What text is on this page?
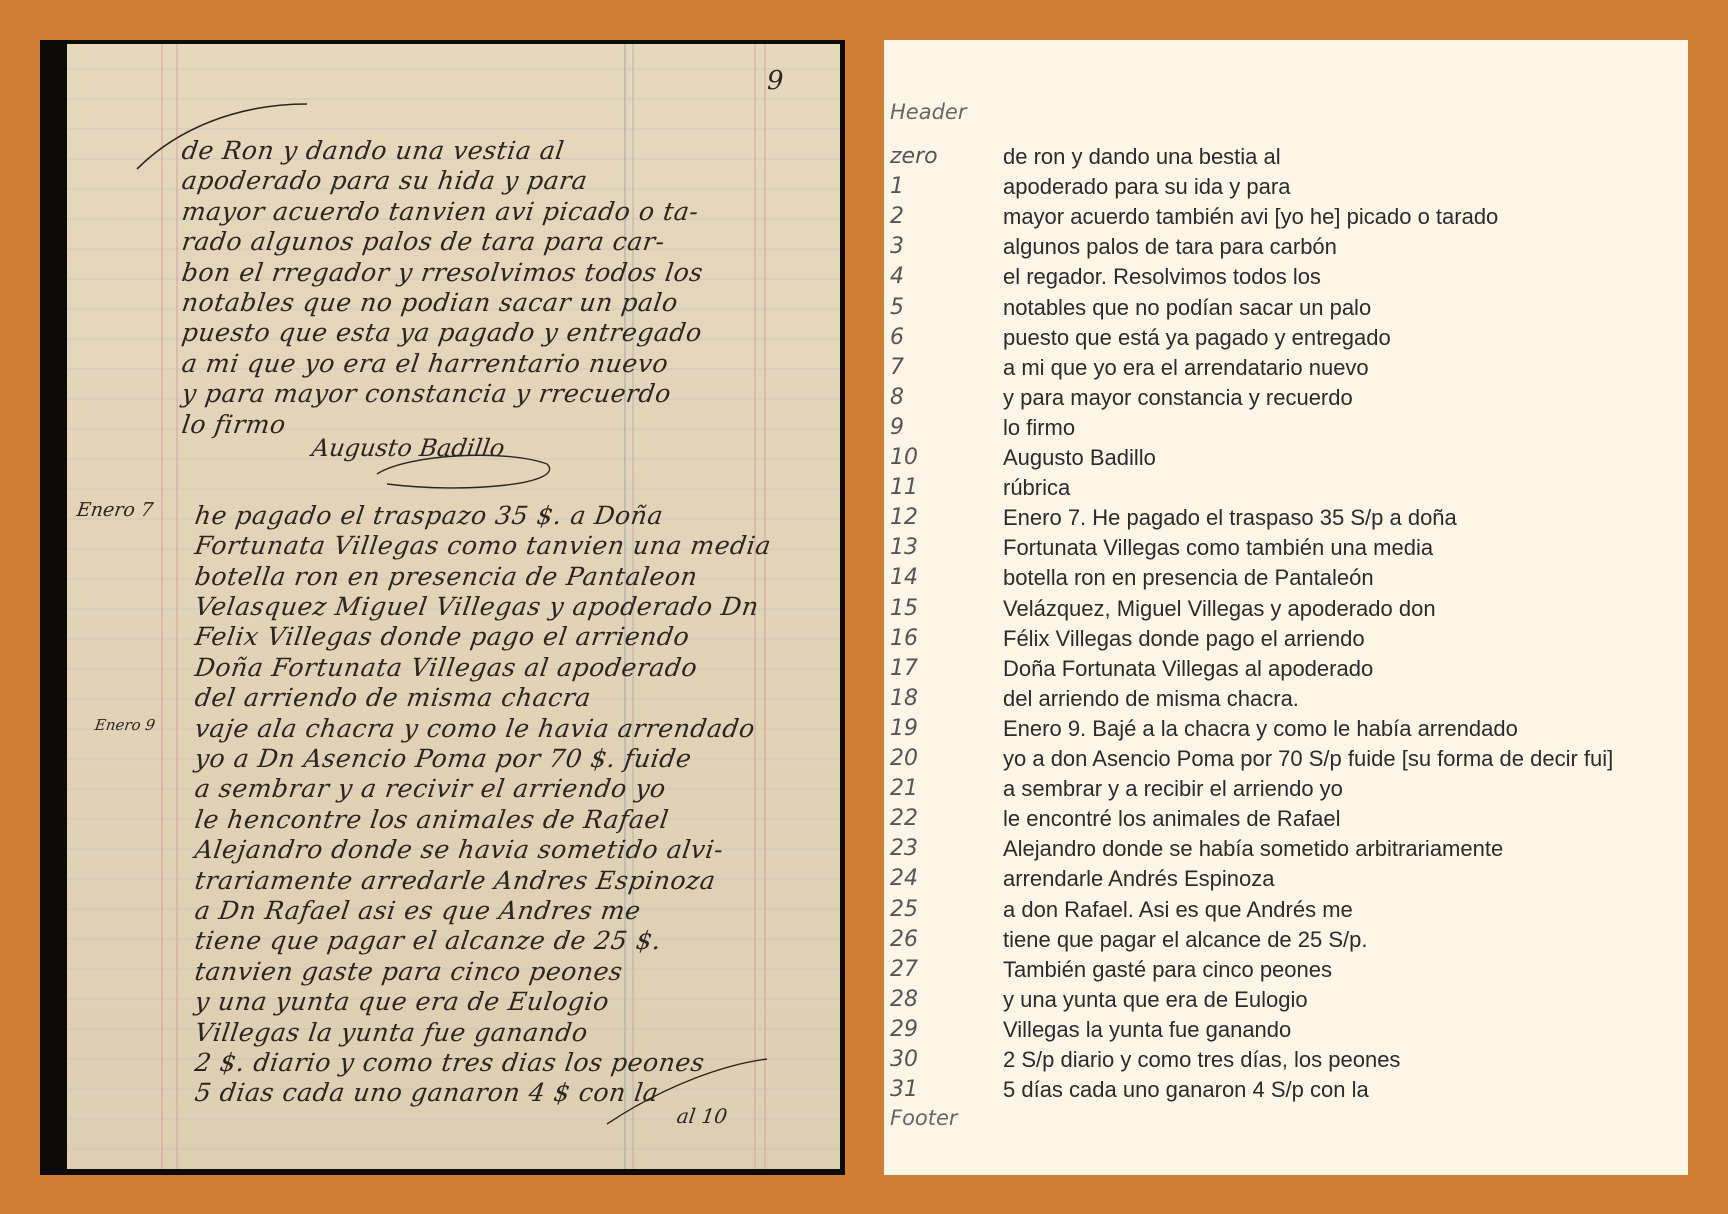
9
de Ron y dando una vestia al
apoderado para su hida y para
mayor acuerdo tanvien avi picado o ta-
rado algunos palos de tara para car-
bon el rregador y rresolvimos todos los
notables que no podian sacar un palo
puesto que esta ya pagado y entregado
a mi que yo era el harrentario nuevo
y para mayor constancia y rrecuerdo
lo firmo
he pagado el traspazo 35 $. a Doña
Fortunata Villegas como tanvien una media
botella ron en presencia de Pantaleon
Velasquez Miguel Villegas y apoderado Dn
Felix Villegas donde pago el arriendo
Doña Fortunata Villegas al apoderado
del arriendo de misma chacra
vaje ala chacra y como le havia arrendado
yo a Dn Asencio Poma por 70 $. fuide
a sembrar y a recivir el arriendo yo
le hencontre los animales de Rafael
Alejandro donde se havia sometido alvi-
trariamente arredarle Andres Espinoza
a Dn Rafael asi es que Andres me
tiene que pagar el alcanze de 25 $.
tanvien gaste para cinco peones
y una yunta que era de Eulogio
Villegas la yunta fue ganando
2 $. diario y como tres dias los peones
5 dias cada uno ganaron 4 $ con la
Augusto Badillo
Enero 7
Enero 9
al 10
Header
zero	de ron y dando una bestia al
1	apoderado para su ida y para
2	mayor acuerdo también avi [yo he] picado o tarado
3	algunos palos de tara para carbón
4	el regador. Resolvimos todos los
5	notables que no podían sacar un palo
6	puesto que está ya pagado y entregado
7	a mi que yo era el arrendatario nuevo
8	y para mayor constancia y recuerdo
9	lo firmo
10	Augusto Badillo
11	rúbrica
12	Enero 7. He pagado el traspaso 35 S/p a doña
13	Fortunata Villegas como también una media
14	botella ron en presencia de Pantaleón
15	Velázquez, Miguel Villegas y apoderado don
16	Félix Villegas donde pago el arriendo
17	Doña Fortunata Villegas al apoderado
18	del arriendo de misma chacra.
19	Enero 9. Bajé a la chacra y como le había arrendado
20	yo a don Asencio Poma por 70 S/p fuide [su forma de decir fui]
21	a sembrar y a recibir el arriendo yo
22	le encontré los animales de Rafael
23	Alejandro donde se había sometido arbitrariamente
24	arrendarle Andrés Espinoza
25	a don Rafael. Asi es que Andrés me
26	tiene que pagar el alcance de 25 S/p.
27	También gasté para cinco peones
28	y una yunta que era de Eulogio
29	Villegas la yunta fue ganando
30	2 S/p diario y como tres días, los peones
31	5 días cada uno ganaron 4 S/p con la
Footer
